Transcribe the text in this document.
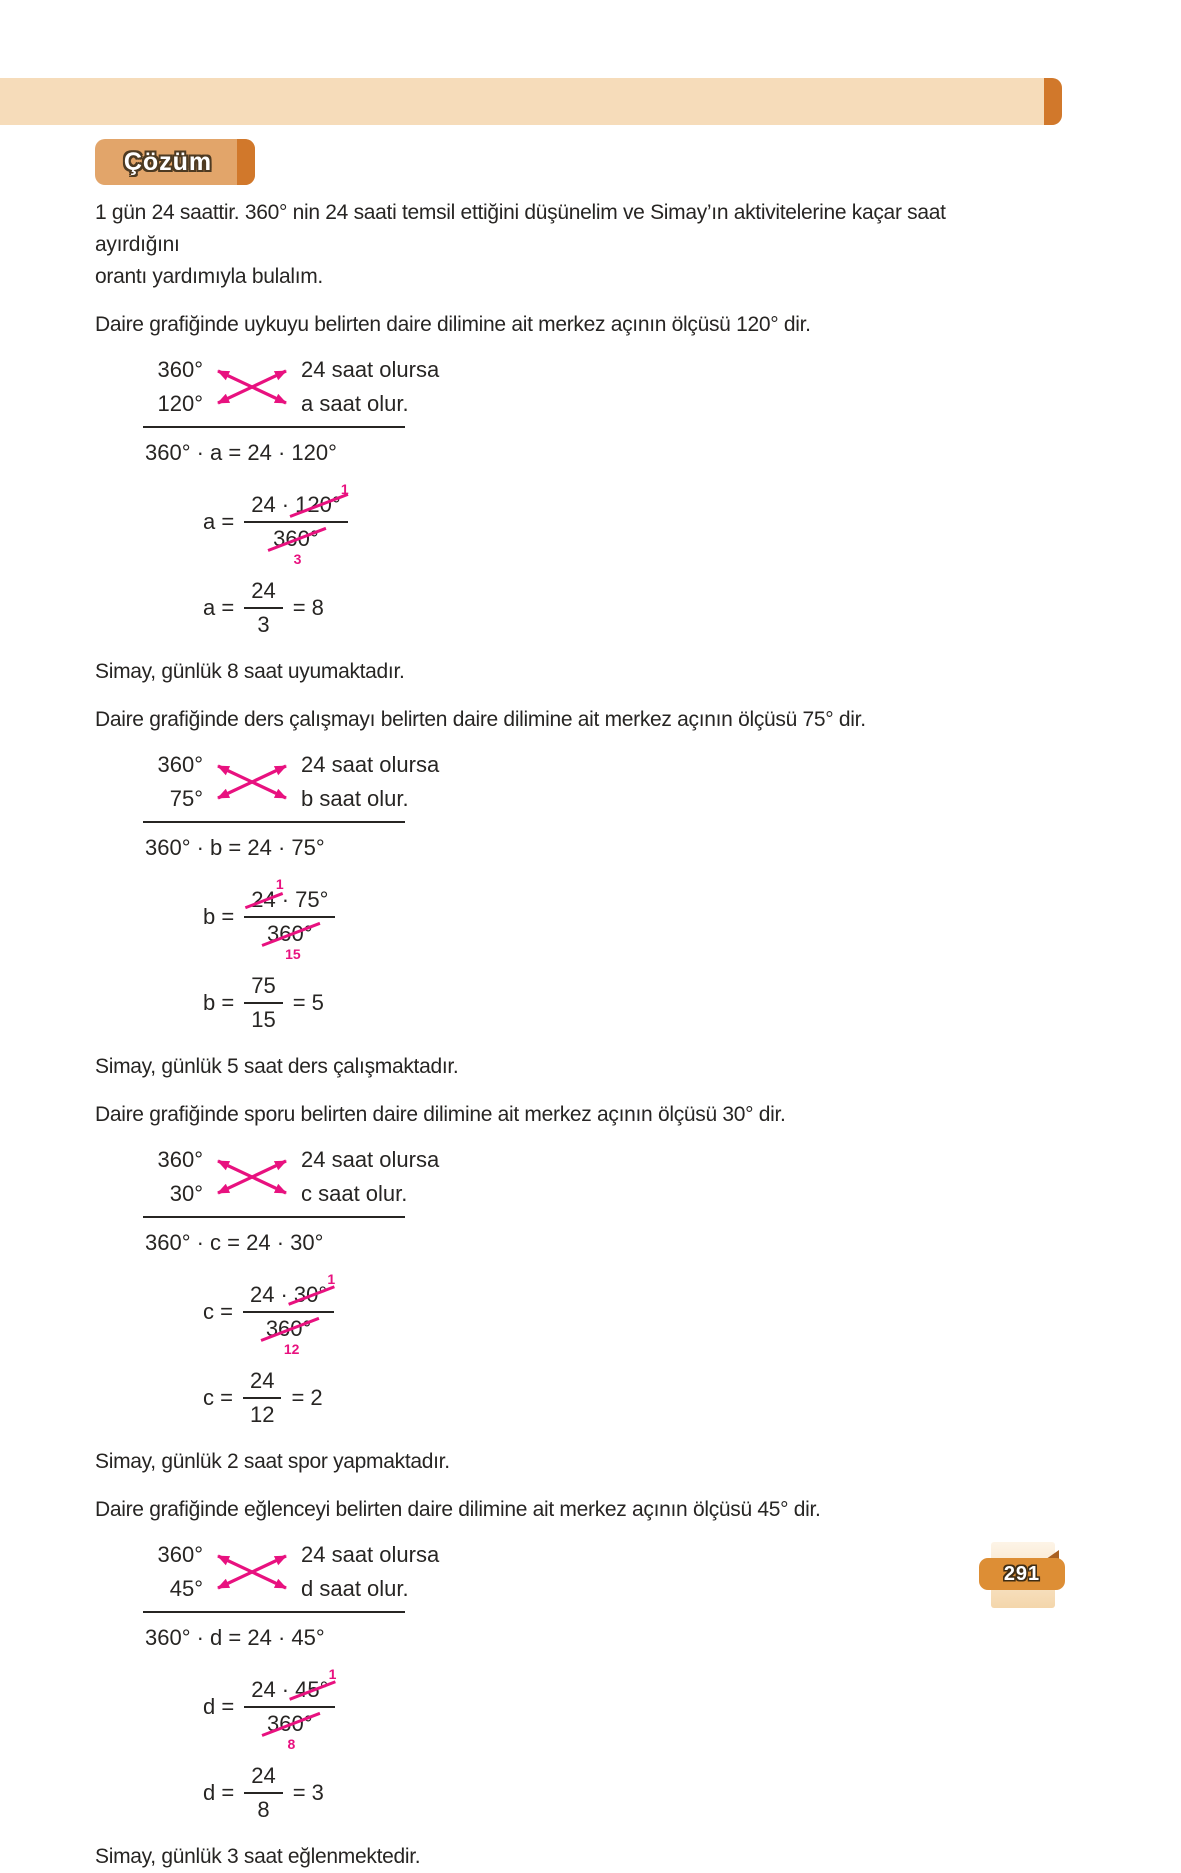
Çözüm

1 gün 24 saattir. 360° nin 24 saati temsil ettiğini düşünelim ve Simay’ın aktivitelerine kaçar saat ayırdığını
orantı yardımıyla bulalım.

Daire grafiğinde uykuyu belirten daire dilimine ait merkez açının ölçüsü 120° dir.

360°
120°
24 saat olursa
a saat olur.

360° · a = 24 · 120°

a =
24 ·
1
120°
360°
3
$a = \frac{24}{3} = 8$

Simay, günlük 8 saat uyumaktadır.

Daire grafiğinde ders çalışmayı belirten daire dilimine ait merkez açının ölçüsü 75° dir.

360°
75°
24 saat olursa
b saat olur.

360° · b = 24 · 75°

b =
1
24 · 75°
360°
15
$b = \frac{75}{15} = 5$

Simay, günlük 5 saat ders çalışmaktadır.

Daire grafiğinde sporu belirten daire dilimine ait merkez açının ölçüsü 30° dir.

360°
30°
24 saat olursa
c saat olur.

360° · c = 24 · 30°

c =
24 ·
1
30°
360°
12
$c = \frac{24}{12} = 2$

Simay, günlük 2 saat spor yapmaktadır.

Daire grafiğinde eğlenceyi belirten daire dilimine ait merkez açının ölçüsü 45° dir.

360°
45°
24 saat olursa
d saat olur.

360° · d = 24 · 45°

d =
24 ·
1
45°
360°
8
$d = \frac{24}{8} = 3$

Simay, günlük 3 saat eğlenmektedir.

291
